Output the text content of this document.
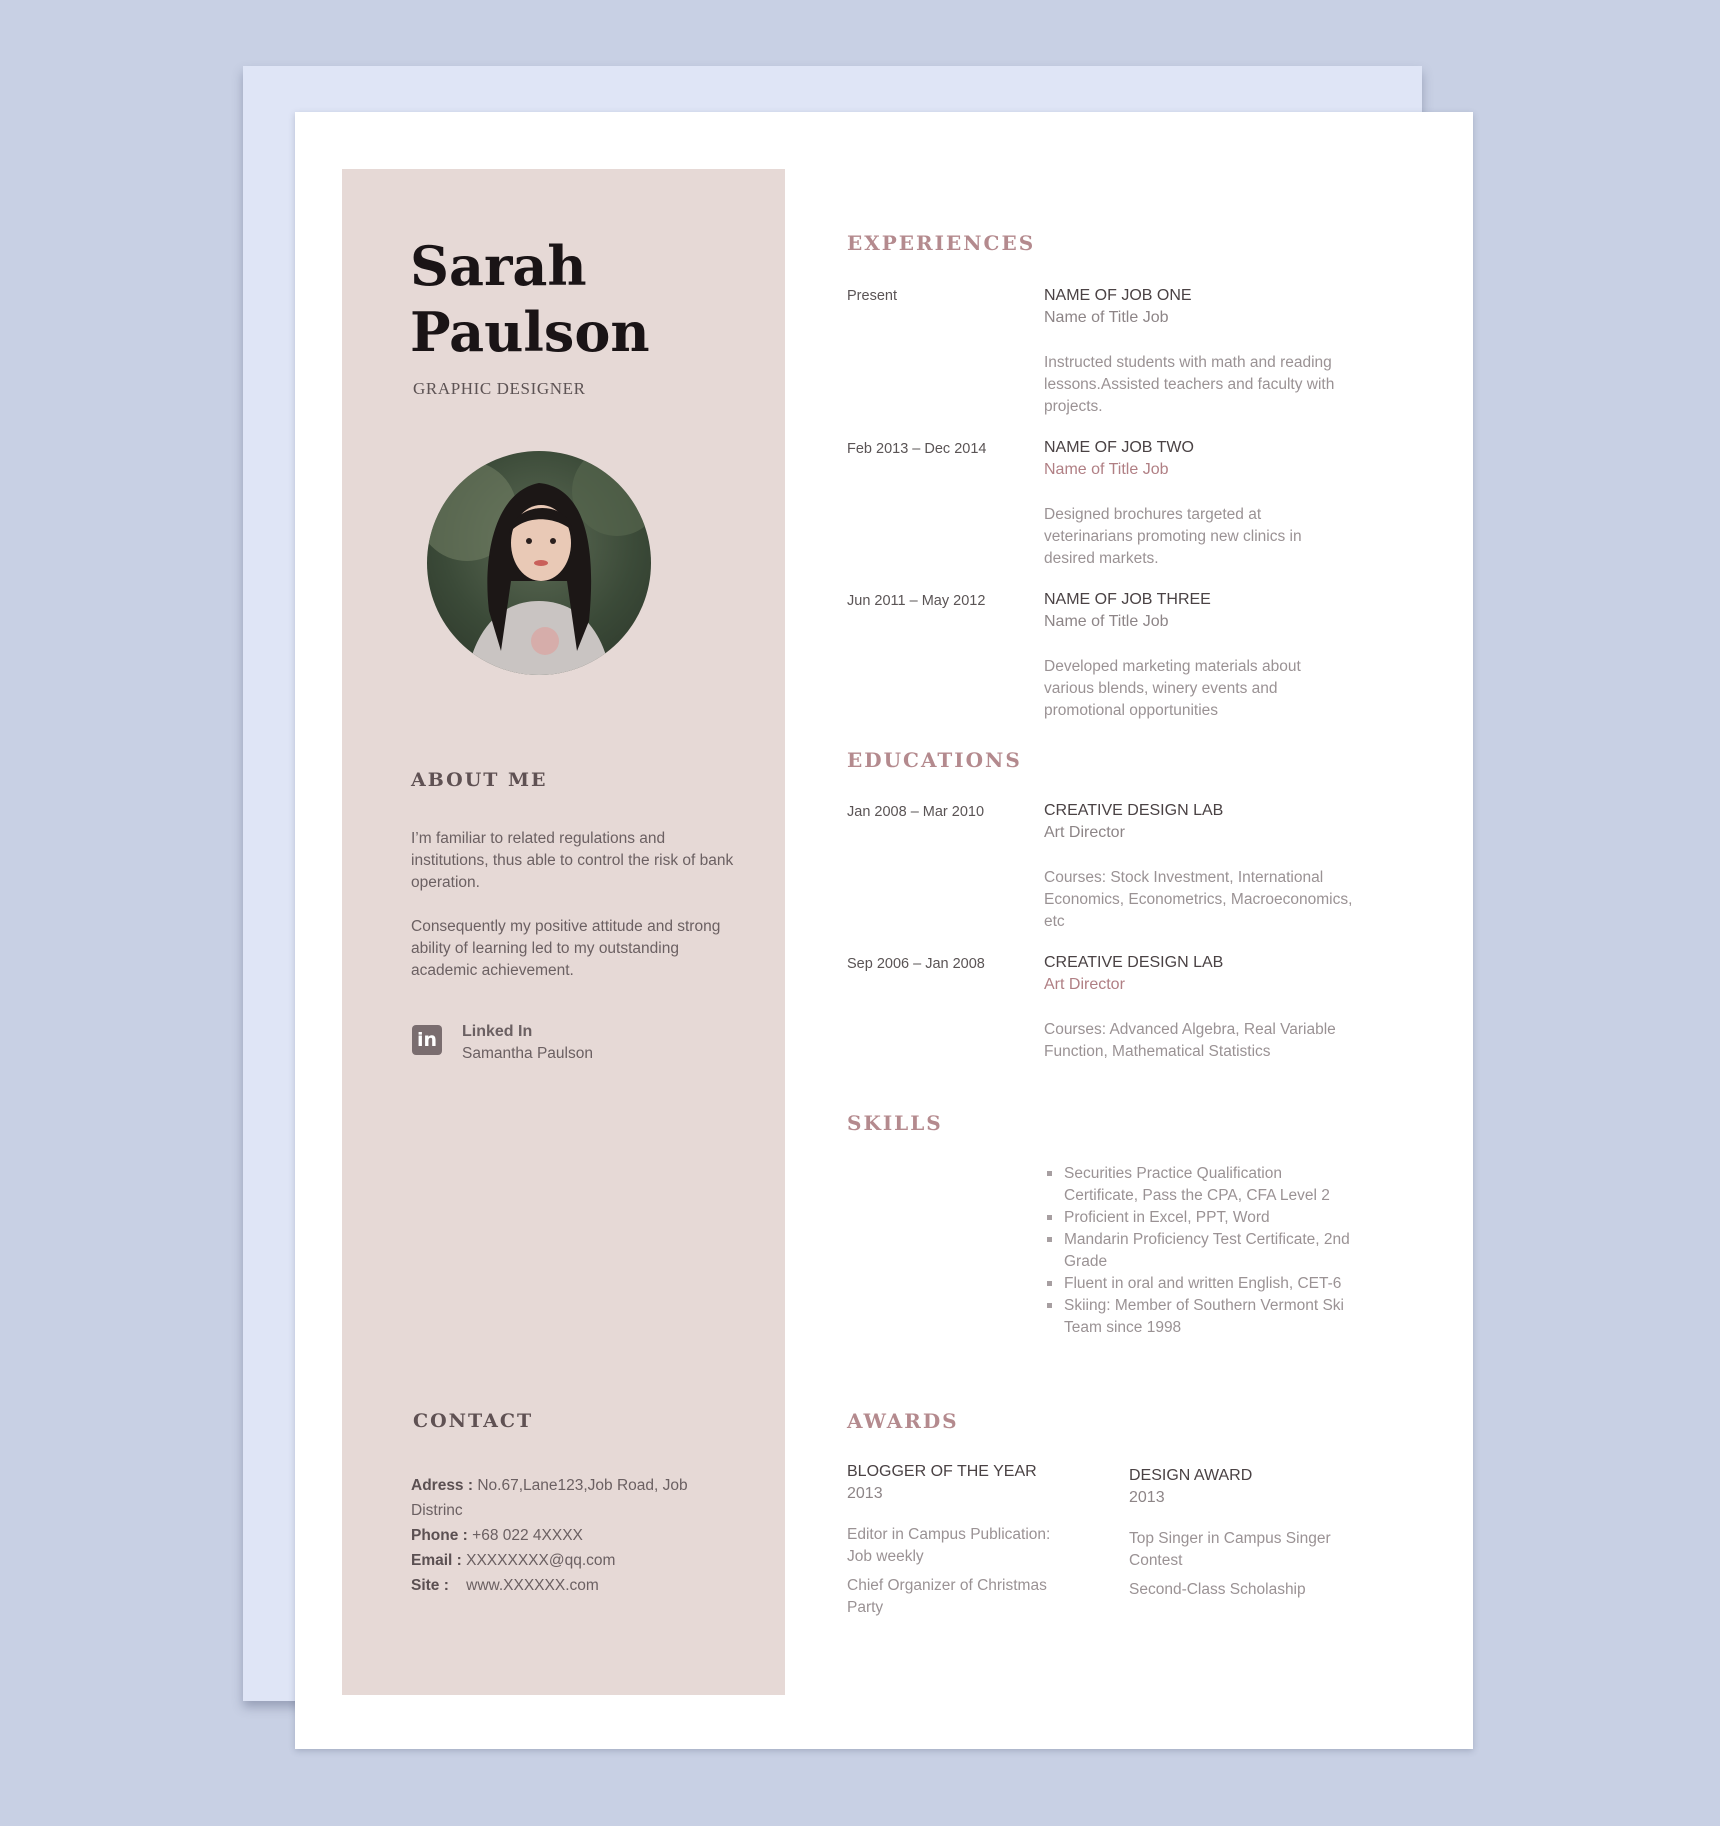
Sarah
Paulson
GRAPHIC DESIGNER
ABOUT ME

I’m familiar to related regulations and institutions, thus able to control the risk of bank operation.

Consequently my positive attitude and strong ability of learning led to my outstanding academic achievement.

in	Linked In
Samantha Paulson
CONTACT

Adress : No.67,Lane123,Job Road, Job Distrinc

Phone : +68 022 4XXXX

Email : XXXXXXXX@qq.com

Site :    www.XXXXXX.com

EXPERIENCES
Present	NAME OF JOB ONE
Name of Title Job

Instructed students with math and reading lessons.Assisted teachers and faculty with projects.

Feb 2013 – Dec 2014	NAME OF JOB TWO
Name of Title Job

Designed brochures targeted at veterinarians promoting new clinics in desired markets.

Jun 2011 – May 2012	NAME OF JOB THREE
Name of Title Job

Developed marketing materials about various blends, winery events and promotional opportunities

EDUCATIONS
Jan 2008 – Mar 2010	CREATIVE DESIGN LAB
Art Director

Courses: Stock Investment, International Economics, Econometrics, Macroeconomics, etc

Sep 2006 – Jan 2008	CREATIVE DESIGN LAB
Art Director

Courses: Advanced Algebra, Real Variable Function, Mathematical Statistics

SKILLS
Securities Practice Qualification Certificate, Pass the CPA, CFA Level 2
Proficient in Excel, PPT, Word
Mandarin Proficiency Test Certificate, 2nd Grade
Fluent in oral and written English, CET-6
Skiing: Member of Southern Vermont Ski Team since 1998
AWARDS
BLOGGER OF THE YEAR
2013

Editor in Campus Publication: Job weekly

Chief Organizer of Christmas Party

DESIGN AWARD
2013

Top Singer in Campus Singer Contest

Second-Class Scholaship
